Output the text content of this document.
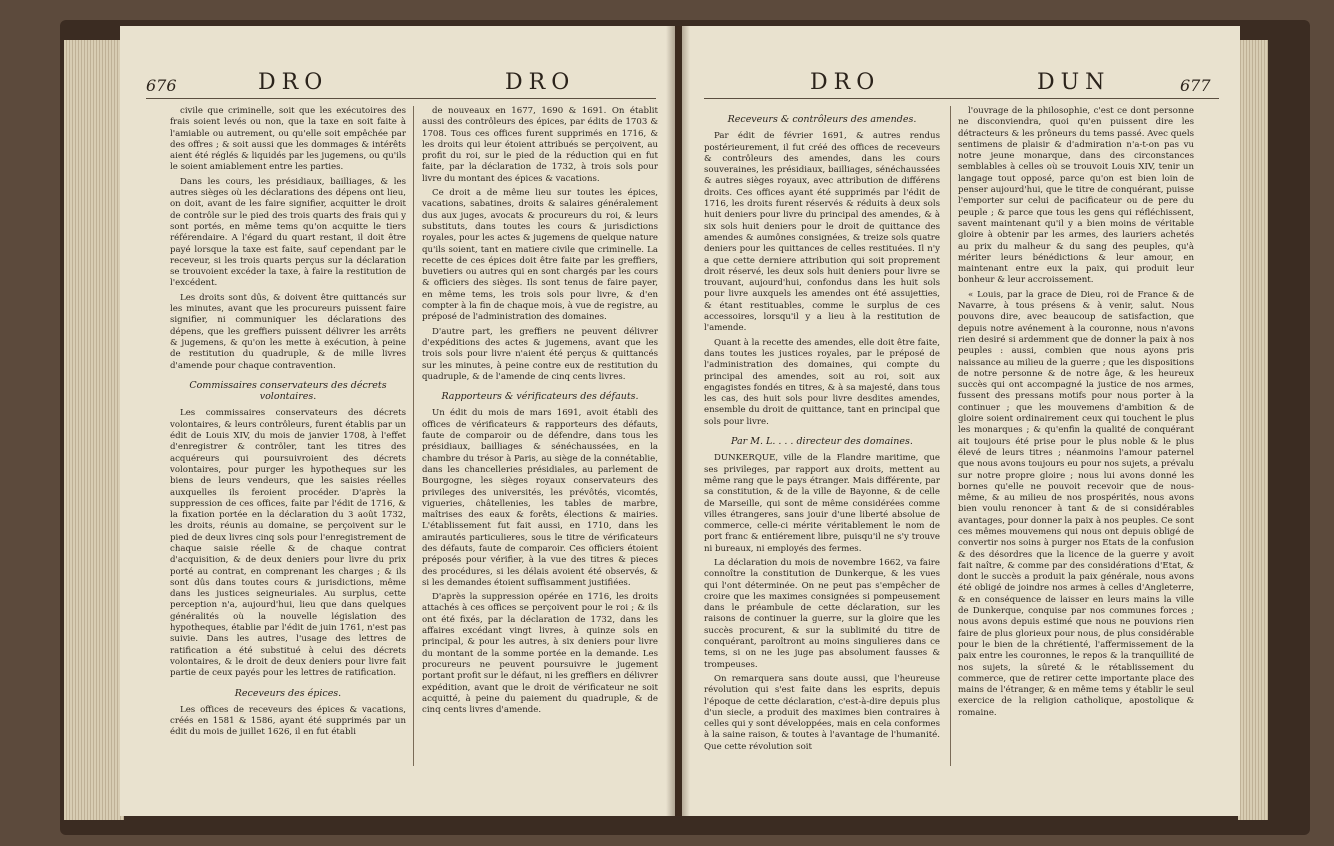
676	DRO	DRO

civile que criminelle, soit que les exécutoires des frais soient levés ou non, que la taxe en soit faite à l'amiable ou autrement, ou qu'elle soit empêchée par des offres ; & soit aussi que les dommages & intérêts aient été réglés & liquidés par les jugemens, ou qu'ils le soient amiablement entre les parties.

Dans les cours, les présidiaux, bailliages, & les autres sièges où les déclarations des dépens ont lieu, on doit, avant de les faire signifier, acquitter le droit de contrôle sur le pied des trois quarts des frais qui y sont portés, en même tems qu'on acquitte le tiers référendaire. A l'égard du quart restant, il doit être payé lorsque la taxe est faite, sauf cependant par le receveur, si les trois quarts perçus sur la déclaration se trouvoient excéder la taxe, à faire la restitution de l'excédent.

Les droits sont dûs, & doivent être quittancés sur les minutes, avant que les procureurs puissent faire signifier, ni communiquer les déclarations des dépens, que les greffiers puissent délivrer les arrêts & jugemens, & qu'on les mette à exécution, à peine de restitution du quadruple, & de mille livres d'amende pour chaque contravention.

Commissaires conservateurs des décrets volontaires.

Les commissaires conservateurs des décrets volontaires, & leurs contrôleurs, furent établis par un édit de Louis XIV, du mois de janvier 1708, à l'effet d'enregistrer & contrôler, tant les titres des acquéreurs qui poursuivroient des décrets volontaires, pour purger les hypotheques sur les biens de leurs vendeurs, que les saisies réelles auxquelles ils feroient procéder. D'après la suppression de ces offices, faite par l'édit de 1716, & la fixation portée en la déclaration du 3 août 1732, les droits, réunis au domaine, se perçoivent sur le pied de deux livres cinq sols pour l'enregistrement de chaque saisie réelle & de chaque contrat d'acquisition, & de deux deniers pour livre du prix porté au contrat, en comprenant les charges ; & ils sont dûs dans toutes cours & jurisdictions, même dans les justices seigneuriales. Au surplus, cette perception n'a, aujourd'hui, lieu que dans quelques généralités où la nouvelle législation des hypotheques, établie par l'édit de juin 1761, n'est pas suivie. Dans les autres, l'usage des lettres de ratification a été substitué à celui des décrets volontaires, & le droit de deux deniers pour livre fait partie de ceux payés pour les lettres de ratification.

Receveurs des épices.

Les offices de receveurs des épices & vacations, créés en 1581 & 1586, ayant été supprimés par un édit du mois de juillet 1626, il en fut établi

de nouveaux en 1677, 1690 & 1691. On établit aussi des contrôleurs des épices, par édits de 1703 & 1708. Tous ces offices furent supprimés en 1716, & les droits qui leur étoient attribués se perçoivent, au profit du roi, sur le pied de la réduction qui en fut faite, par la déclaration de 1732, à trois sols pour livre du montant des épices & vacations.

Ce droit a de même lieu sur toutes les épices, vacations, sabatines, droits & salaires généralement dus aux juges, avocats & procureurs du roi, & leurs substituts, dans toutes les cours & jurisdictions royales, pour les actes & jugemens de quelque nature qu'ils soient, tant en matiere civile que criminelle. La recette de ces épices doit être faite par les greffiers, buvetiers ou autres qui en sont chargés par les cours & officiers des sièges. Ils sont tenus de faire payer, en même tems, les trois sols pour livre, & d'en compter à la fin de chaque mois, à vue de registre, au préposé de l'administration des domaines.

D'autre part, les greffiers ne peuvent délivrer d'expéditions des actes & jugemens, avant que les trois sols pour livre n'aient été perçus & quittancés sur les minutes, à peine contre eux de restitution du quadruple, & de l'amende de cinq cents livres.

Rapporteurs & vérificateurs des défauts.

Un édit du mois de mars 1691, avoit établi des offices de vérificateurs & rapporteurs des défauts, faute de comparoir ou de défendre, dans tous les présidiaux, bailliages & sénéchaussées, en la chambre du trésor à Paris, au siège de la connétablie, dans les chancelleries présidiales, au parlement de Bourgogne, les sièges royaux conservateurs des privileges des universités, les prévôtés, vicomtés, vigueries, châtellenies, les tables de marbre, maîtrises des eaux & forêts, élections & mairies. L'établissement fut fait aussi, en 1710, dans les amirautés particulieres, sous le titre de vérificateurs des défauts, faute de comparoir. Ces officiers étoient préposés pour vérifier, à la vue des titres & pieces des procédures, si les délais avoient été observés, & si les demandes étoient suffisamment justifiées.

D'après la suppression opérée en 1716, les droits attachés à ces offices se perçoivent pour le roi ; & ils ont été fixés, par la déclaration de 1732, dans les affaires excédant vingt livres, à quinze sols en principal, & pour les autres, à six deniers pour livre du montant de la somme portée en la demande. Les procureurs ne peuvent poursuivre le jugement portant profit sur le défaut, ni les greffiers en délivrer expédition, avant que le droit de vérificateur ne soit acquitté, à peine du paiement du quadruple, & de cinq cents livres d'amende.

DRO	DUN	677

Receveurs & contrôleurs des amendes.

Par édit de février 1691, & autres rendus postérieurement, il fut créé des offices de receveurs & contrôleurs des amendes, dans les cours souveraines, les présidiaux, bailliages, sénéchaussées & autres sièges royaux, avec attribution de différens droits. Ces offices ayant été supprimés par l'édit de 1716, les droits furent réservés & réduits à deux sols huit deniers pour livre du principal des amendes, & à six sols huit deniers pour le droit de quittance des amendes & aumônes consignées, & treize sols quatre deniers pour les quittances de celles restituées. Il n'y a que cette derniere attribution qui soit proprement droit réservé, les deux sols huit deniers pour livre se trouvant, aujourd'hui, confondus dans les huit sols pour livre auxquels les amendes ont été assujetties, & étant restituables, comme le surplus de ces accessoires, lorsqu'il y a lieu à la restitution de l'amende.

Quant à la recette des amendes, elle doit être faite, dans toutes les justices royales, par le préposé de l'administration des domaines, qui compte du principal des amendes, soit au roi, soit aux engagistes fondés en titres, & à sa majesté, dans tous les cas, des huit sols pour livre desdites amendes, ensemble du droit de quittance, tant en principal que sols pour livre.

Par M. L. . . . directeur des domaines.

DUNKERQUE, ville de la Flandre maritime, que ses privileges, par rapport aux droits, mettent au même rang que le pays étranger. Mais différente, par sa constitution, & de la ville de Bayonne, & de celle de Marseille, qui sont de même considérées comme villes étrangeres, sans jouir d'une liberté absolue de commerce, celle-ci mérite véritablement le nom de port franc & entiérement libre, puisqu'il ne s'y trouve ni bureaux, ni employés des fermes.

La déclaration du mois de novembre 1662, va faire connoître la constitution de Dunkerque, & les vues qui l'ont déterminée. On ne peut pas s'empêcher de croire que les maximes consignées si pompeusement dans le préambule de cette déclaration, sur les raisons de continuer la guerre, sur la gloire que les succès procurent, & sur la sublimité du titre de conquérant, paroîtront au moins singulieres dans ce tems, si on ne les juge pas absolument fausses & trompeuses.

On remarquera sans doute aussi, que l'heureuse révolution qui s'est faite dans les esprits, depuis l'époque de cette déclaration, c'est-à-dire depuis plus d'un siecle, a produit des maximes bien contraires à celles qui y sont développées, mais en cela conformes à la saine raison, & toutes à l'avantage de l'humanité. Que cette révolution soit

l'ouvrage de la philosophie, c'est ce dont personne ne disconviendra, quoi qu'en puissent dire les détracteurs & les prôneurs du tems passé. Avec quels sentimens de plaisir & d'admiration n'a-t-on pas vu notre jeune monarque, dans des circonstances semblables à celles où se trouvoit Louis XIV, tenir un langage tout opposé, parce qu'on est bien loin de penser aujourd'hui, que le titre de conquérant, puisse l'emporter sur celui de pacificateur ou de pere du peuple ; & parce que tous les gens qui réfléchissent, savent maintenant qu'il y a bien moins de véritable gloire à obtenir par les armes, des lauriers achetés au prix du malheur & du sang des peuples, qu'à mériter leurs bénédictions & leur amour, en maintenant entre eux la paix, qui produit leur bonheur & leur accroissement.

« Louis, par la grace de Dieu, roi de France & de Navarre, à tous présens & à venir, salut. Nous pouvons dire, avec beaucoup de satisfaction, que depuis notre avénement à la couronne, nous n'avons rien desiré si ardemment que de donner la paix à nos peuples : aussi, combien que nous ayons pris naissance au milieu de la guerre ; que les dispositions de notre personne & de notre âge, & les heureux succès qui ont accompagné la justice de nos armes, fussent des pressans motifs pour nous porter à la continuer ; que les mouvemens d'ambition & de gloire soient ordinairement ceux qui touchent le plus les monarques ; & qu'enfin la qualité de conquérant ait toujours été prise pour le plus noble & le plus élevé de leurs titres ; néanmoins l'amour paternel que nous avons toujours eu pour nos sujets, a prévalu sur notre propre gloire ; nous lui avons donné les bornes qu'elle ne pouvoit recevoir que de nous-même, & au milieu de nos prospérités, nous avons bien voulu renoncer à tant & de si considérables avantages, pour donner la paix à nos peuples. Ce sont ces mêmes mouvemens qui nous ont depuis obligé de convertir nos soins à purger nos Etats de la confusion & des désordres que la licence de la guerre y avoit fait naître, & comme par des considérations d'Etat, & dont le succès a produit la paix générale, nous avons été obligé de joindre nos armes à celles d'Angleterre, & en conséquence de laisser en leurs mains la ville de Dunkerque, conquise par nos communes forces ; nous avons depuis estimé que nous ne pouvions rien faire de plus glorieux pour nous, de plus considérable pour le bien de la chrétienté, l'affermissement de la paix entre les couronnes, le repos & la tranquillité de nos sujets, la sûreté & le rétablissement du commerce, que de retirer cette importante place des mains de l'étranger, & en même tems y établir le seul exercice de la religion catholique, apostolique & romaine.
